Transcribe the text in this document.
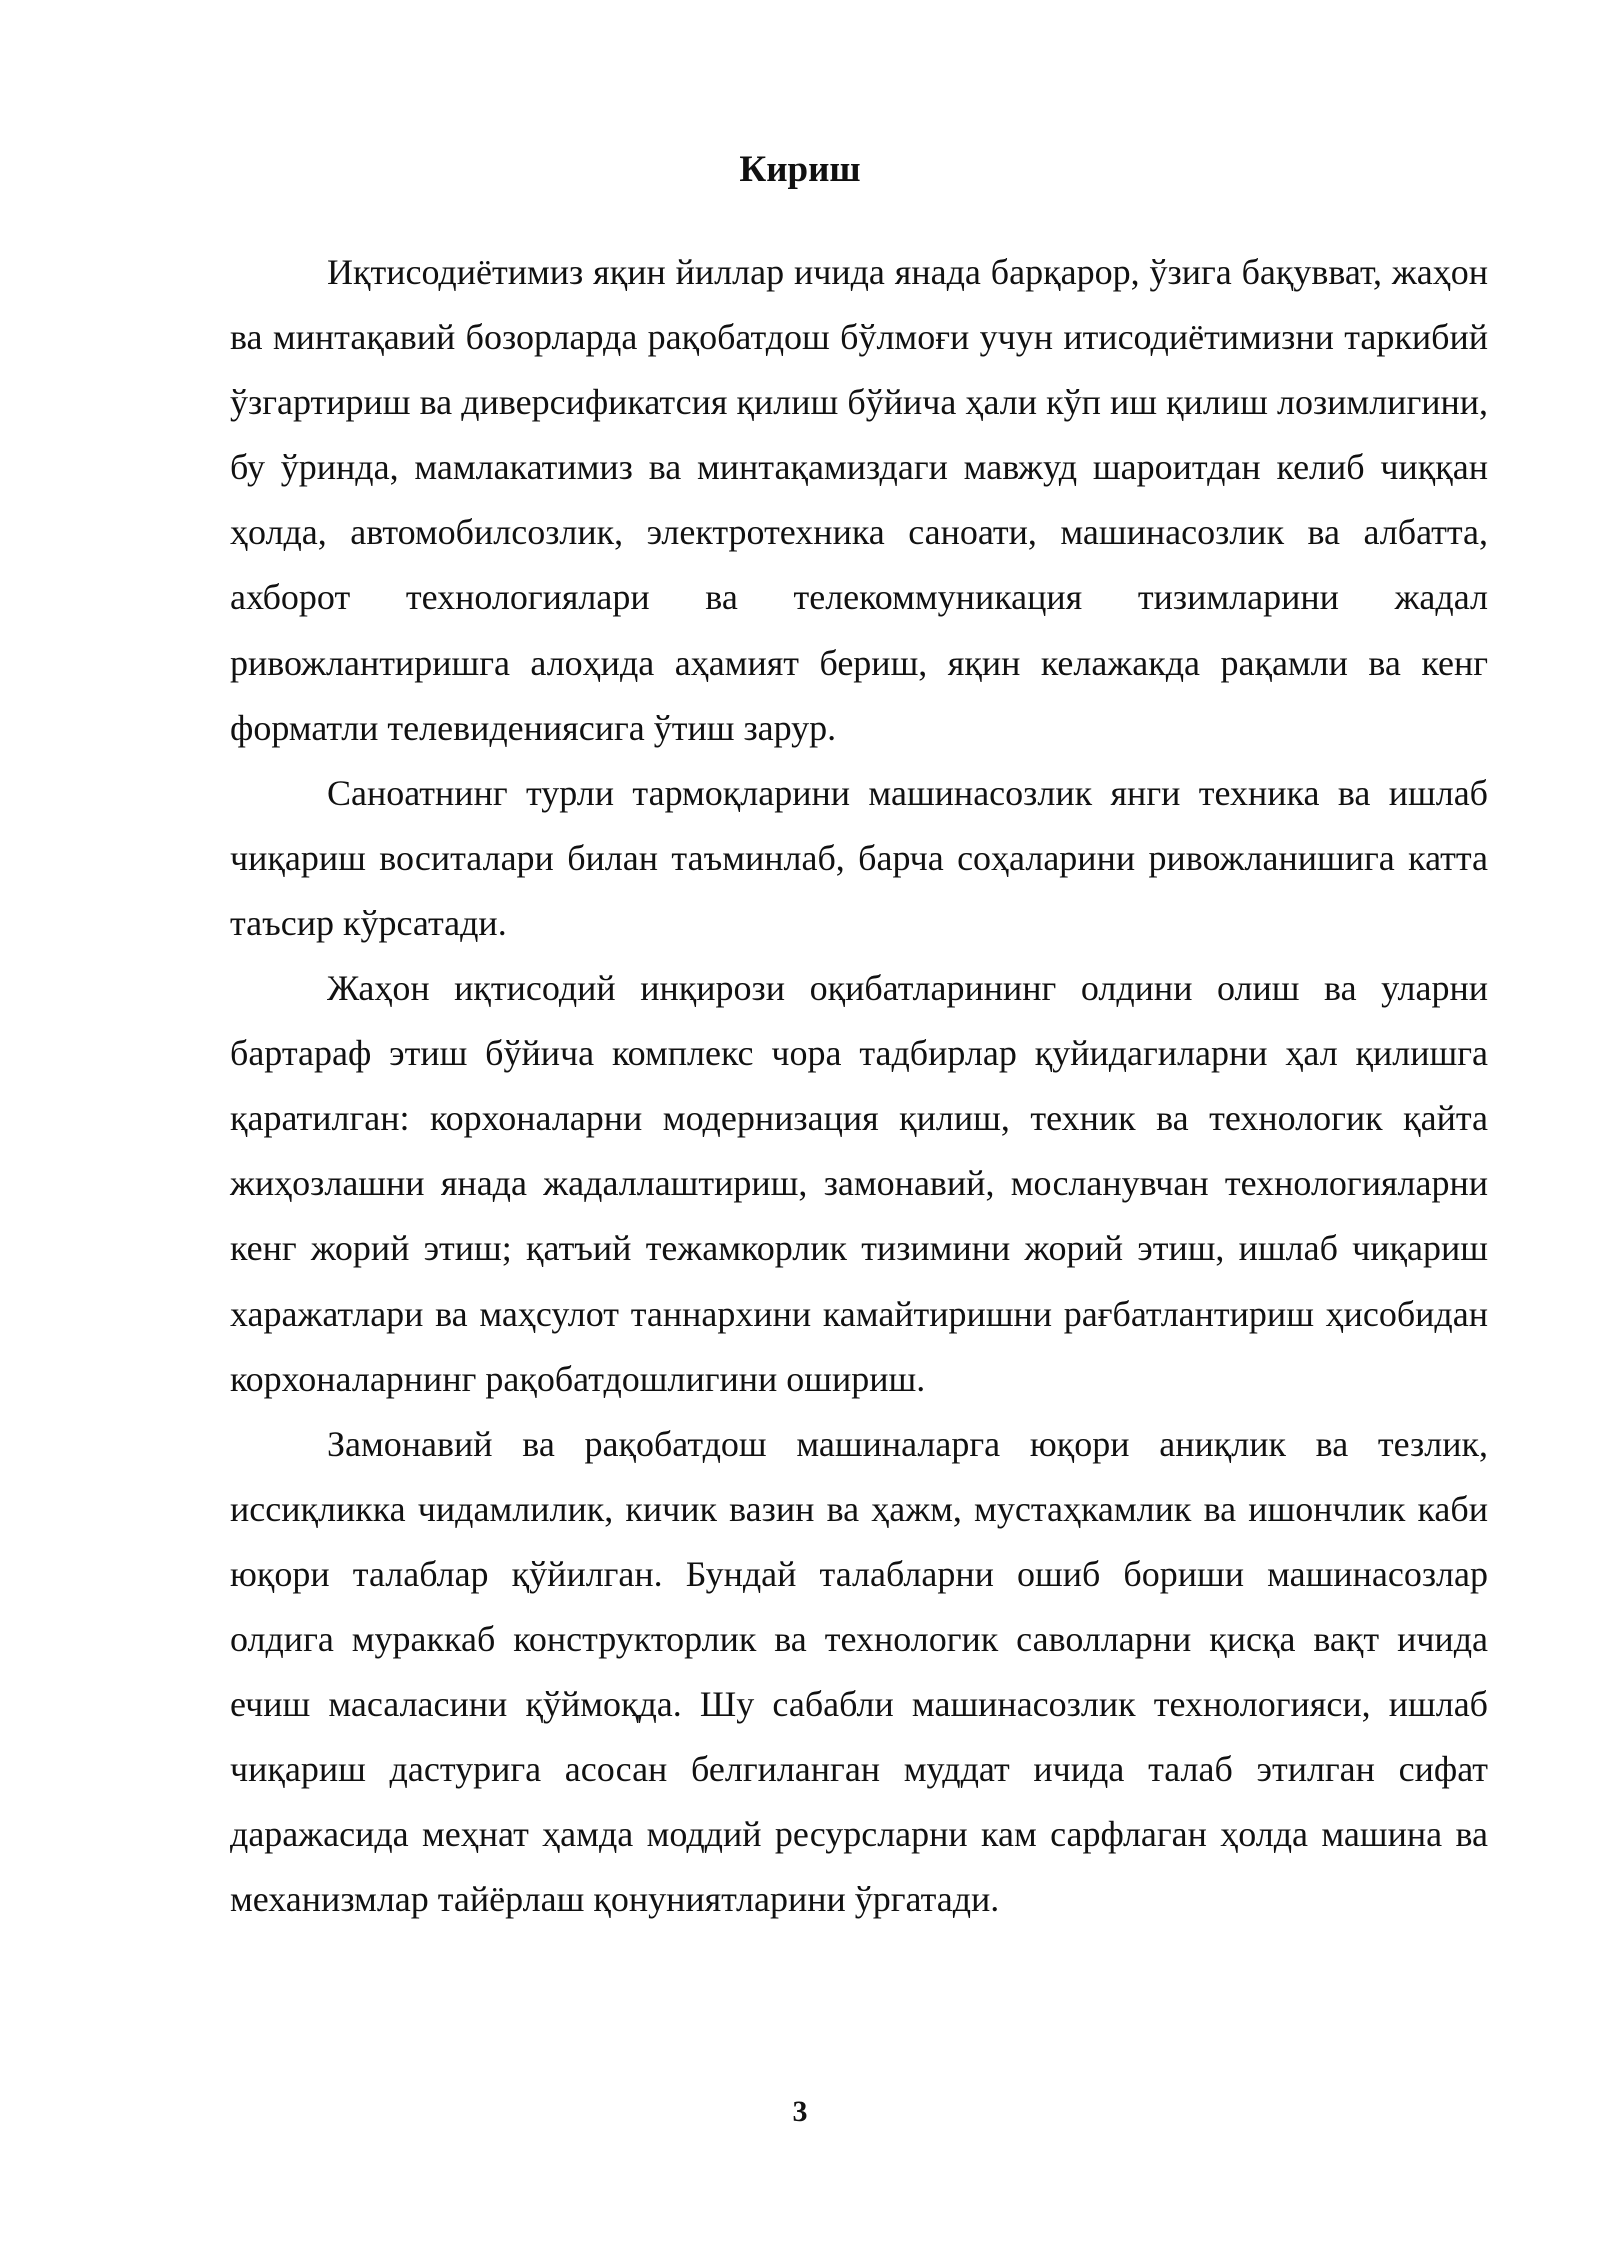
Кириш

Иқтисодиётимиз яқин йиллар ичида янада барқарор, ўзига бақувват, жаҳон ва минтақавий бозорларда рақобатдош бўлмоғи учун итисодиётимизни таркибий ўзгартириш ва диверсификатсия қилиш бўйича ҳали кўп иш қилиш лозимлигини, бу ўринда, мамлакатимиз ва минтақамиздаги мавжуд шароитдан келиб чиққан ҳолда, автомобилсозлик, электротехника саноати, машинасозлик ва албатта, ахборот технологиялари ва телекоммуникация тизимларини жадал ривожлантиришга алоҳида аҳамият бериш, яқин келажакда рақамли ва кенг форматли телевидениясига ўтиш зарур.

Саноатнинг турли тармоқларини машинасозлик янги техника ва ишлаб чиқариш воситалари билан таъминлаб, барча соҳаларини ривожланишига катта таъсир кўрсатади.

Жаҳон иқтисодий инқирози оқибатларининг олдини олиш ва уларни бартараф этиш бўйича комплекс чора тадбирлар қуйидагиларни ҳал қилишга қаратилган: корхоналарни модернизация қилиш, техник ва технологик қайта жиҳозлашни янада жадаллаштириш, замонавий, мосланувчан технологияларни кенг жорий этиш; қатъий тежамкорлик тизимини жорий этиш, ишлаб чиқариш харажатлари ва маҳсулот таннархини камайтиришни рағбатлантириш ҳисобидан корхоналарнинг рақобатдошлигини ошириш.

Замонавий ва рақобатдош машиналарга юқори аниқлик ва тезлик, иссиқликка чидамлилик, кичик вазин ва ҳажм, мустаҳкамлик ва ишончлик каби юқори талаблар қўйилган. Бундай талабларни ошиб бориши машинасозлар олдига мураккаб конструкторлик ва технологик саволларни қисқа вақт ичида ечиш масаласини қўймоқда. Шу сабабли машинасозлик технологияси, ишлаб чиқариш дастурига асосан белгиланган муддат ичида талаб этилган сифат даражасида меҳнат ҳамда моддий ресурсларни кам сарфлаган ҳолда машина ва механизмлар тайёрлаш қонуниятларини ўргатади.

3
